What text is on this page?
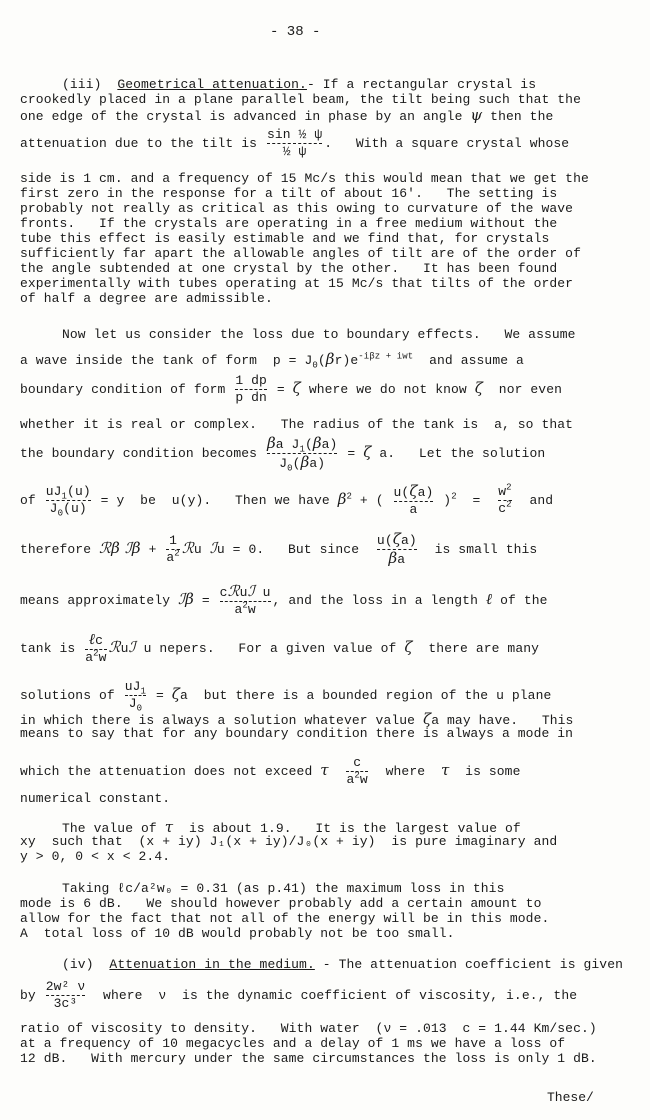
- 38 -
(iii) Geometrical attenuation.- If a rectangular crystal is
crookedly placed in a plane parallel beam, the tilt being such that the
one edge of the crystal is advanced in phase by an angle ψ then the
attenuation due to the tilt is $\frac{\text{sin ½ ψ}}{\text{½ ψ}}$ .   With a square crystal whose
side is 1 cm. and a frequency of 15 Mc/s this would mean that we get the
first zero in the response for a tilt of about 16'.   The setting is
probably not really as critical as this owing to curvature of the wave
fronts.   If the crystals are operating in a free medium without the
tube this effect is easily estimable and we find that, for crystals
sufficiently far apart the allowable angles of tilt are of the order of
the angle subtended at one crystal by the other.   It has been found
experimentally with tubes operating at 15 Mc/s that tilts of the order
of half a degree are admissible.
Now let us consider the loss due to boundary effects.   We assume
a wave inside the tank of form  $p = J_0(\beta r)e^{-i\beta z + iwt}$ and assume a
boundary condition of form $\frac{1 dp}{\text{p dn}} = \zeta$ where we do not know ζ nor even
whether it is real or complex.   The radius of the tank is  a, so that
the boundary condition becomes $\frac{\beta a J_1(\beta a)}{J_0(\beta a)} = \zeta$ a.   Let the solution
of $\frac{uJ_1(u)}{J_0(u)} = y$  be  u(y).   Then we have $\beta^2$ + ( $\frac{u(\zeta a)}{a} )^2 = \frac{w^2}{c^2}$ and
therefore ℛβ ℐβ + $\frac{1}{a^2}$ ℛu ℐu = 0.   But since $\frac{u(\zeta a)}{\beta a}$ is small this
means approximately ℐβ = $\frac{\text{cℛuℐ u}}{a^2w}$ , and the loss in a length ℓ of the
tank is $\frac{\text{ℓc}}{a^2w}$ ℛuℐ u nepers.   For a given value of ζ there are many
solutions of $\frac{uJ_1}{J_0} = \zeta a$  but there is a bounded region of the u plane
in which there is always a solution whatever value ζa may have.   This
means to say that for any boundary condition there is always a mode in
which the attenuation does not exceed τ $\frac{c}{a^2w}$ where τ is some
numerical constant.
The value of τ is about 1.9.   It is the largest value of
xy  such that  (x + iy) J₁(x + iy)/J₀(x + iy)  is pure imaginary and
y > 0, 0 < x < 2.4.
Taking ℓc/a²w₀ = 0.31 (as p.41) the maximum loss in this
mode is 6 dB.   We should however probably add a certain amount to
allow for the fact that not all of the energy will be in this mode.
A  total loss of 10 dB would probably not be too small.
(iv) Attenuation in the medium. - The attenuation coefficient is given
by $\frac{\text{2w² ν}}{\text{3c³}}$ where  ν  is the dynamic coefficient of viscosity, i.e., the
ratio of viscosity to density.   With water  (ν = .013  c = 1.44 Km/sec.)
at a frequency of 10 megacycles and a delay of 1 ms we have a loss of
12 dB.   With mercury under the same circumstances the loss is only 1 dB.
These/
